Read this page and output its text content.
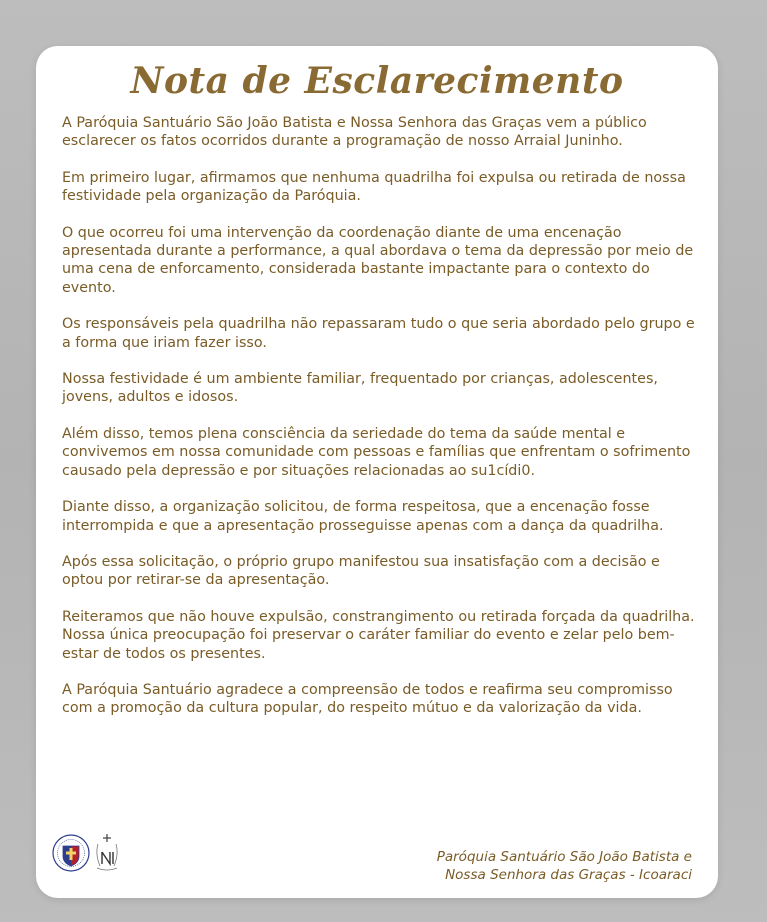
Nota de Esclarecimento

A Paróquia Santuário São João Batista e Nossa Senhora das Graças vem a público esclarecer os fatos ocorridos durante a programação de nosso Arraial Juninho.

Em primeiro lugar, afirmamos que nenhuma quadrilha foi expulsa ou retirada de nossa festividade pela organização da Paróquia.

O que ocorreu foi uma intervenção da coordenação diante de uma encenação apresentada durante a performance, a qual abordava o tema da depressão por meio de uma cena de enforcamento, considerada bastante impactante para o contexto do evento.

Os responsáveis pela quadrilha não repassaram tudo o que seria abordado pelo grupo e a forma que iriam fazer isso.

Nossa festividade é um ambiente familiar, frequentado por crianças, adolescentes, jovens, adultos e idosos.

Além disso, temos plena consciência da seriedade do tema da saúde mental e convivemos em nossa comunidade com pessoas e famílias que enfrentam o sofrimento causado pela depressão e por situações relacionadas ao su1cídi0.

Diante disso, a organização solicitou, de forma respeitosa, que a encenação fosse interrompida e que a apresentação prosseguisse apenas com a dança da quadrilha.

Após essa solicitação, o próprio grupo manifestou sua insatisfação com a decisão e optou por retirar-se da apresentação.

Reiteramos que não houve expulsão, constrangimento ou retirada forçada da quadrilha. Nossa única preocupação foi preservar o caráter familiar do evento e zelar pelo bem-estar de todos os presentes.

A Paróquia Santuário agradece a compreensão de todos e reafirma seu compromisso com a promoção da cultura popular, do respeito mútuo e da valorização da vida.

Paróquia Santuário São João Batista e
Nossa Senhora das Graças - Icoaraci
